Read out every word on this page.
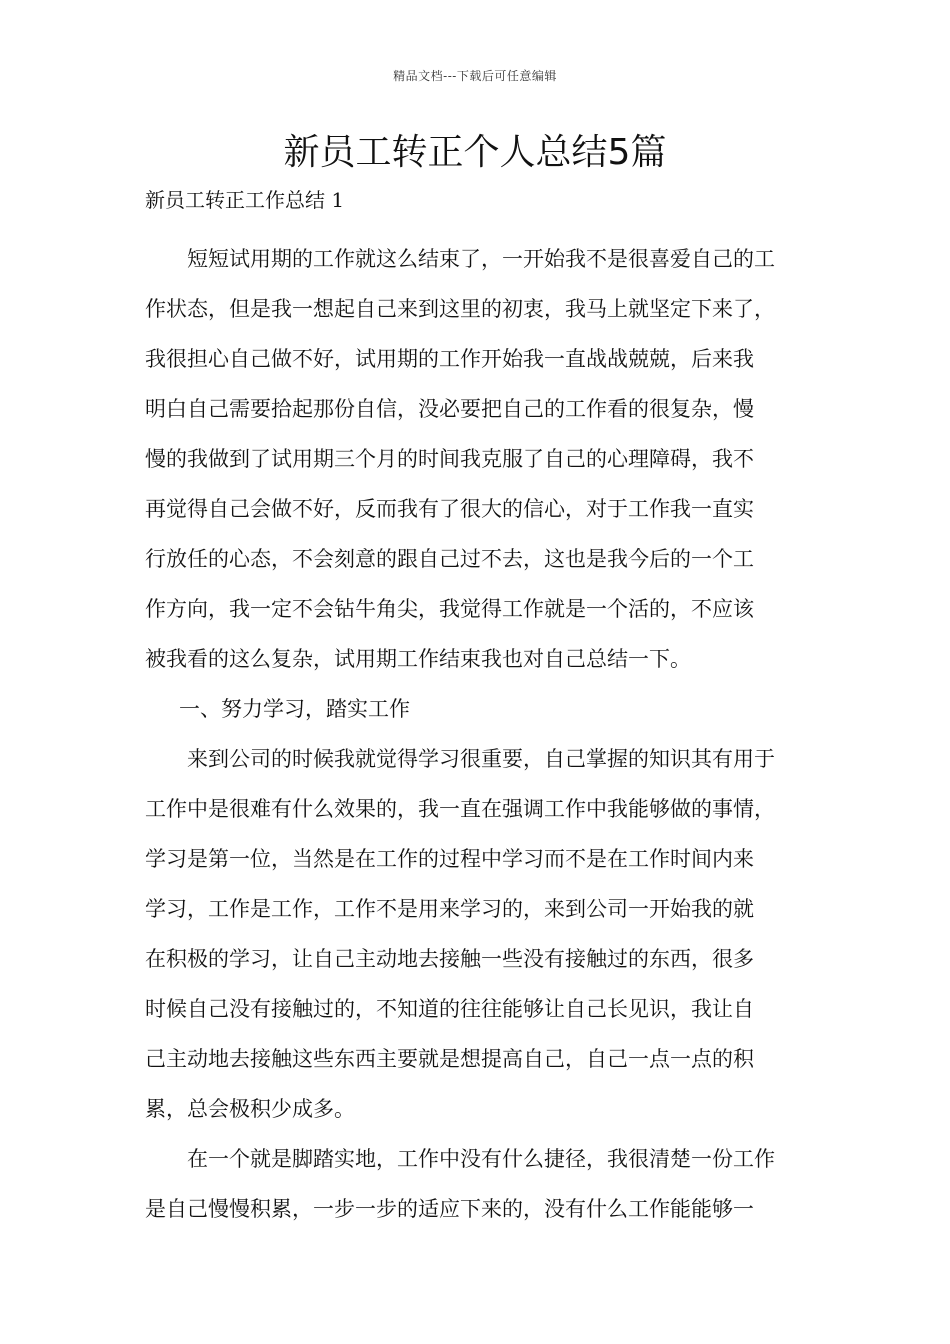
精品文档---下载后可任意编辑
新员工转正个人总结5篇

新员工转正工作总结 1

短短试用期的工作就这么结束了，一开始我不是很喜爱自己的工
作状态，但是我一想起自己来到这里的初衷，我马上就坚定下来了，
我很担心自己做不好，试用期的工作开始我一直战战兢兢，后来我
明白自己需要拾起那份自信，没必要把自己的工作看的很复杂，慢
慢的我做到了试用期三个月的时间我克服了自己的心理障碍，我不
再觉得自己会做不好，反而我有了很大的信心，对于工作我一直实
行放任的心态，不会刻意的跟自己过不去，这也是我今后的一个工
作方向，我一定不会钻牛角尖，我觉得工作就是一个活的，不应该
被我看的这么复杂，试用期工作结束我也对自己总结一下。

一、努力学习，踏实工作

来到公司的时候我就觉得学习很重要，自己掌握的知识其有用于
工作中是很难有什么效果的，我一直在强调工作中我能够做的事情，
学习是第一位，当然是在工作的过程中学习而不是在工作时间内来
学习，工作是工作，工作不是用来学习的，来到公司一开始我的就
在积极的学习，让自己主动地去接触一些没有接触过的东西，很多
时候自己没有接触过的，不知道的往往能够让自己长见识，我让自
己主动地去接触这些东西主要就是想提高自己，自己一点一点的积
累，总会极积少成多。

在一个就是脚踏实地，工作中没有什么捷径，我很清楚一份工作
是自己慢慢积累，一步一步的适应下来的，没有什么工作能能够一
